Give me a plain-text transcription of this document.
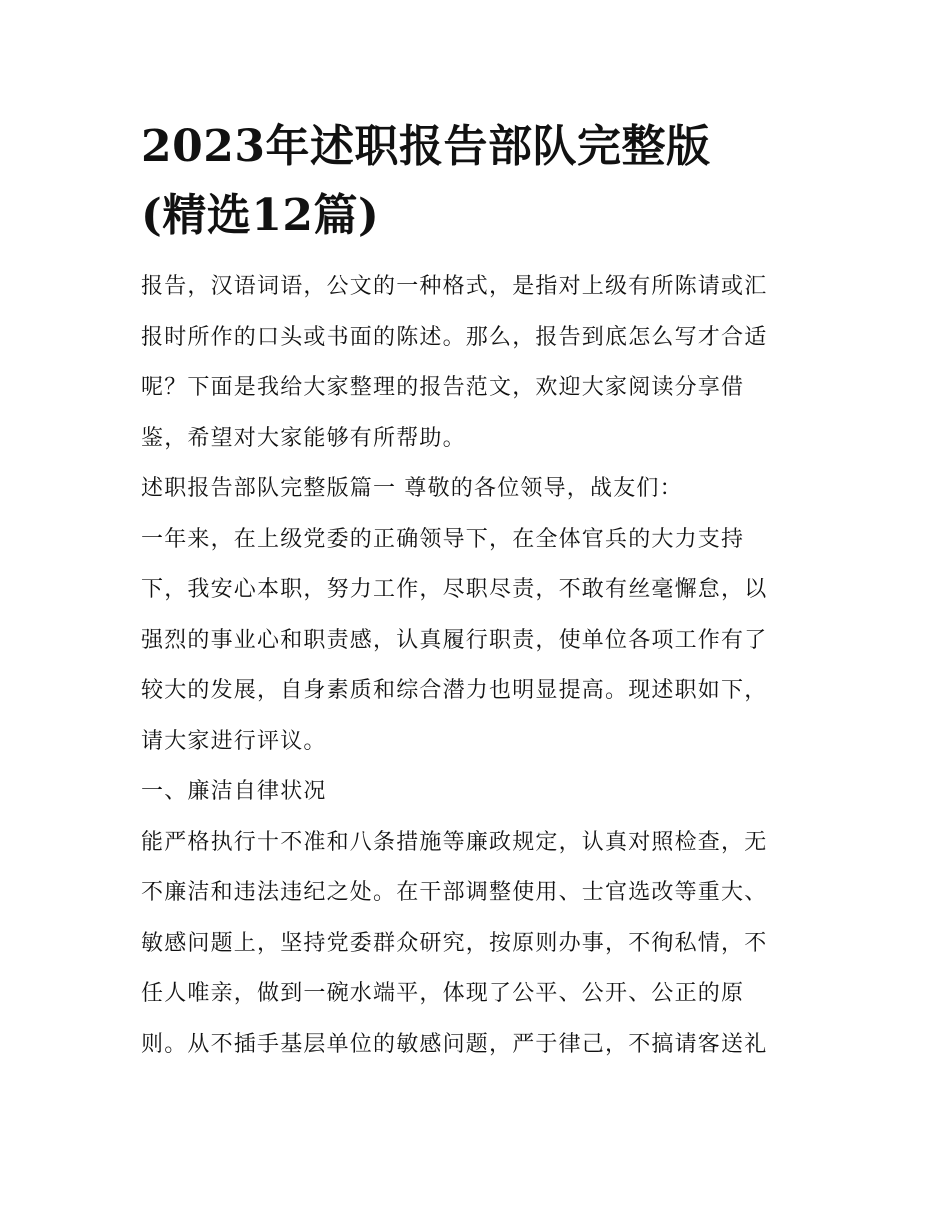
2023年述职报告部队完整版
(精选12篇)

报告，汉语词语，公文的一种格式，是指对上级有所陈请或汇
报时所作的口头或书面的陈述。那么，报告到底怎么写才合适
呢？下面是我给大家整理的报告范文，欢迎大家阅读分享借
鉴，希望对大家能够有所帮助。

述职报告部队完整版篇一 尊敬的各位领导，战友们：

一年来，在上级党委的正确领导下，在全体官兵的大力支持
下，我安心本职，努力工作，尽职尽责，不敢有丝毫懈怠，以
强烈的事业心和职责感，认真履行职责，使单位各项工作有了
较大的发展，自身素质和综合潜力也明显提高。现述职如下，
请大家进行评议。

一、廉洁自律状况

能严格执行十不准和八条措施等廉政规定，认真对照检查，无
不廉洁和违法违纪之处。在干部调整使用、士官选改等重大、
敏感问题上，坚持党委群众研究，按原则办事，不徇私情，不
任人唯亲，做到一碗水端平，体现了公平、公开、公正的原
则。从不插手基层单位的敏感问题，严于律己，不搞请客送礼
